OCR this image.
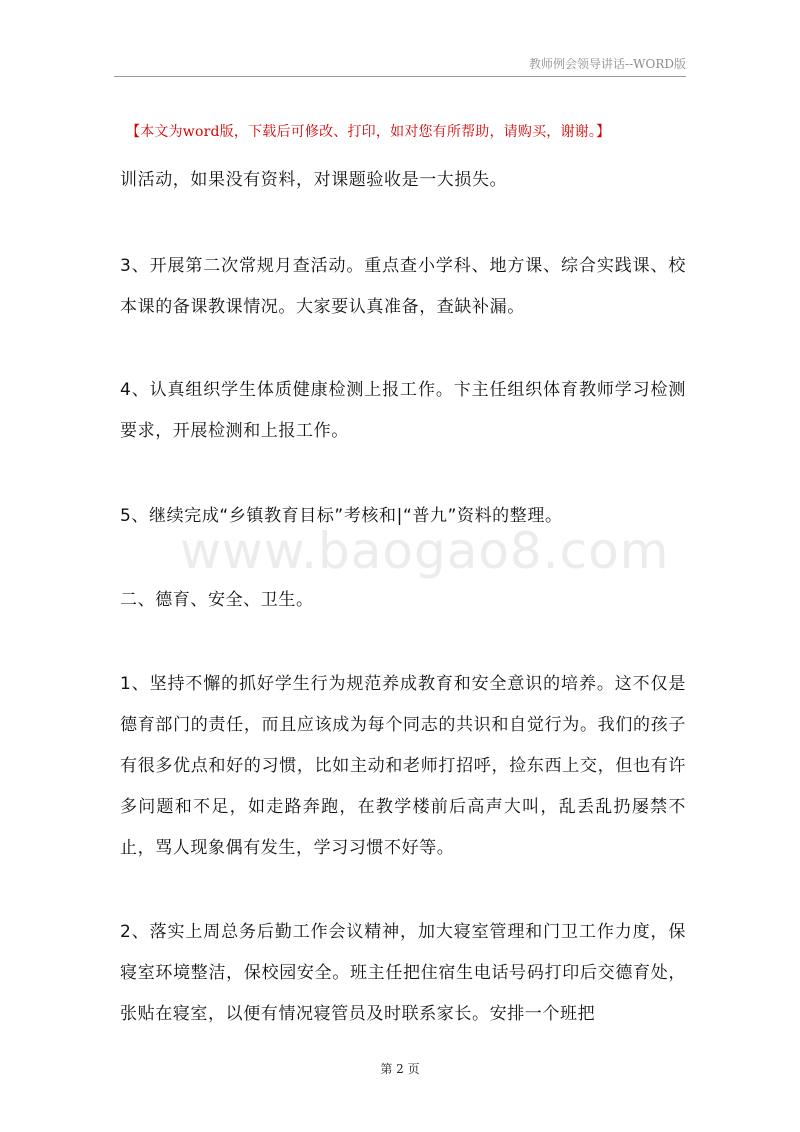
教师例会领导讲话--WORD版
【本文为word版，下载后可修改、打印，如对您有所帮助，请购买，谢谢。】

训活动，如果没有资料，对课题验收是一大损失。

3、开展第二次常规月查活动。重点查小学科、地方课、综合实践课、校本课的备课教课情况。大家要认真准备，查缺补漏。

4、认真组织学生体质健康检测上报工作。卞主任组织体育教师学习检测要求，开展检测和上报工作。

5、继续完成“乡镇教育目标”考核和|“普九”资料的整理。

二、德育、安全、卫生。

1、坚持不懈的抓好学生行为规范养成教育和安全意识的培养。这不仅是德育部门的责任，而且应该成为每个同志的共识和自觉行为。我们的孩子有很多优点和好的习惯，比如主动和老师打招呼，捡东西上交，但也有许多问题和不足，如走路奔跑，在教学楼前后高声大叫，乱丢乱扔屡禁不止，骂人现象偶有发生，学习习惯不好等。

2、落实上周总务后勤工作会议精神，加大寝室管理和门卫工作力度，保寝室环境整洁，保校园安全。班主任把住宿生电话号码打印后交德育处，张贴在寝室，以便有情况寝管员及时联系家长。安排一个班把

www.baogao8.com
第 2 页
